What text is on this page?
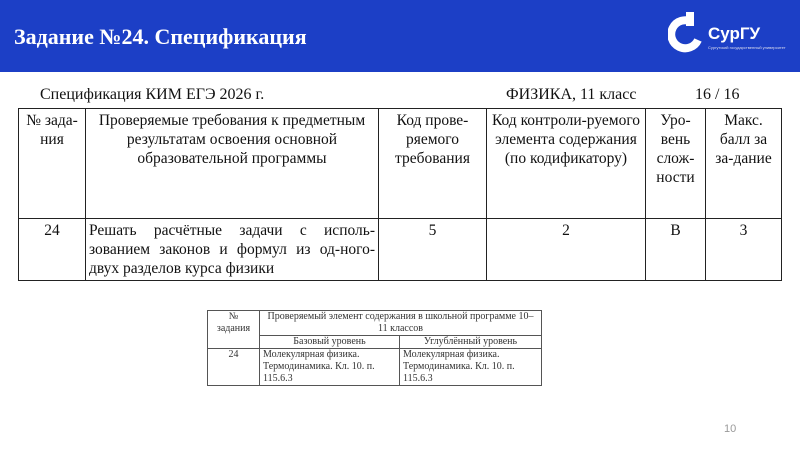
Задание №24. Спецификация	СурГУ
Сургутский государственный университет
Спецификация КИМ ЕГЭ 2026 г.	ФИЗИКА, 11 класс	16 / 16
№ зада-ния	Проверяемые требования к предметным результатам освоения основной образовательной программы	Код прове-ряемого требования	Код контроли-руемого элемента содержания (по кодификатору)	Уро-вень слож-ности	Макс. балл за за-дание
24	Решать расчётные задачи с исполь-зованием законов и формул из од-ного-двух разделов курса физики	5	2	В	3
№ задания	Проверяемый элемент содержания в школьной программе 10–11 классов	
	Базовый уровень	Углублённый уровень
24	Молекулярная физика. Термодинамика. Кл. 10. п. 115.6.3	Молекулярная физика. Термодинамика. Кл. 10. п. 115.6.3
10
